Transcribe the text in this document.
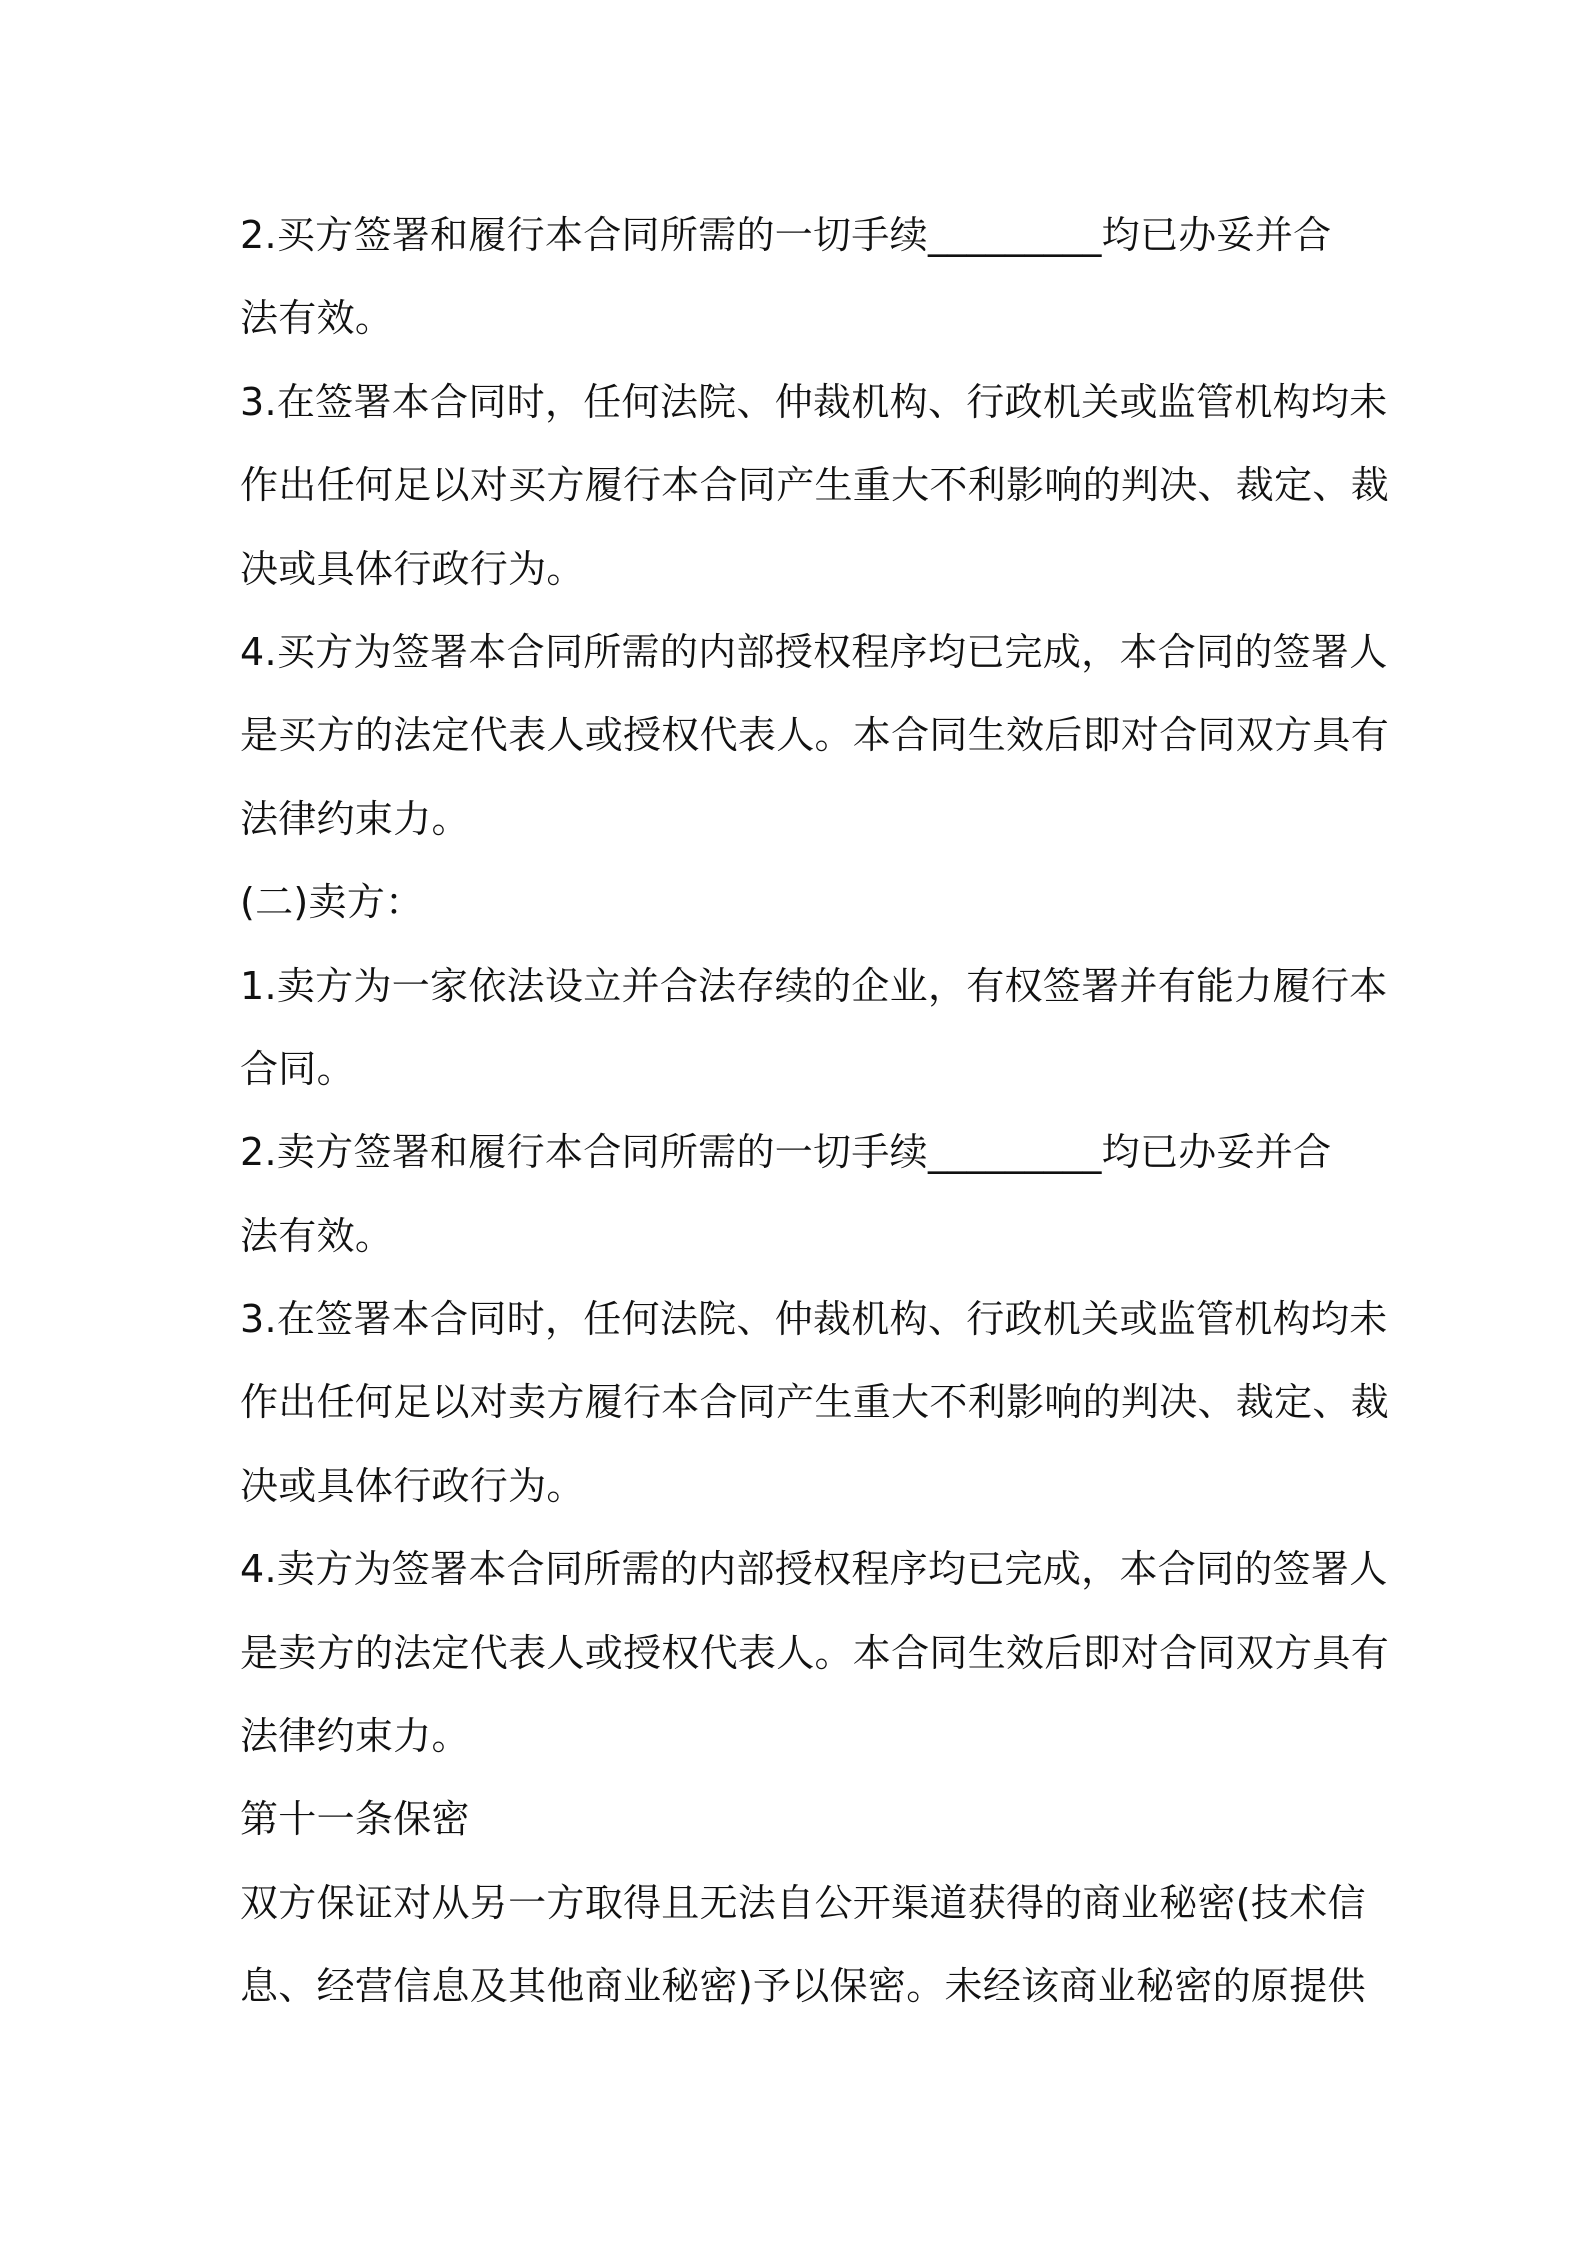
2.买方签署和履行本合同所需的一切手续_________均已办妥并合
法有效。
3.在签署本合同时，任何法院、仲裁机构、行政机关或监管机构均未
作出任何足以对买方履行本合同产生重大不利影响的判决、裁定、裁
决或具体行政行为。
4.买方为签署本合同所需的内部授权程序均已完成，本合同的签署人
是买方的法定代表人或授权代表人。本合同生效后即对合同双方具有
法律约束力。
(二)卖方：
1.卖方为一家依法设立并合法存续的企业，有权签署并有能力履行本
合同。
2.卖方签署和履行本合同所需的一切手续_________均已办妥并合
法有效。
3.在签署本合同时，任何法院、仲裁机构、行政机关或监管机构均未
作出任何足以对卖方履行本合同产生重大不利影响的判决、裁定、裁
决或具体行政行为。
4.卖方为签署本合同所需的内部授权程序均已完成，本合同的签署人
是卖方的法定代表人或授权代表人。本合同生效后即对合同双方具有
法律约束力。
第十一条保密
双方保证对从另一方取得且无法自公开渠道获得的商业秘密(技术信
息、经营信息及其他商业秘密)予以保密。未经该商业秘密的原提供
